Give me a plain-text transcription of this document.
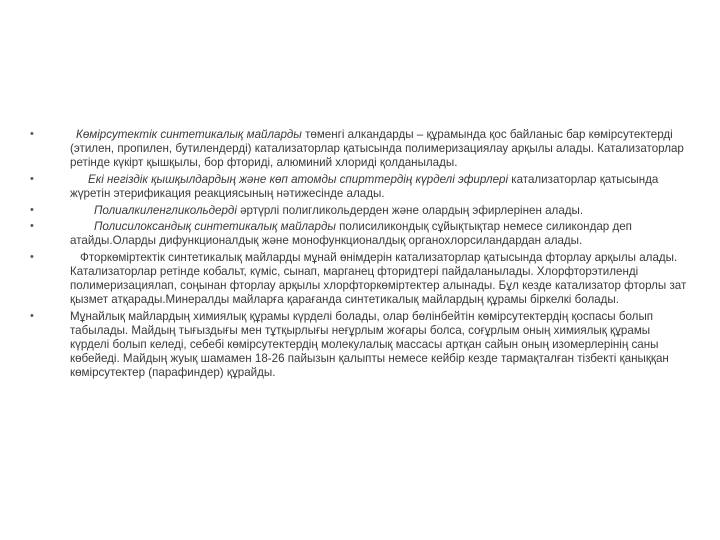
•	Көмірсутектік синтетикалық майларды төменгі алкандарды – құрамында қос байланыс бар көмірсутектерді (этилен, пропилен, бутилендерді) катализаторлар қатысында полимеризациялау арқылы алады. Катализаторлар ретінде күкірт қышқылы, бор фториді, алюминий хлориді қолданылады.
•	Екі негіздік қышқылдардың және көп атомды спирттердің күрделі эфирлері катализаторлар қатысында жүретін этерификация реакциясының нәтижесінде алады.
•	Полиалкиленгликольдерді әртүрлі полигликольдерден және олардың эфирлерінен алады.
•	Полисилоксандық синтетикалық майларды полисиликондық сұйықтықтар немесе силикондар деп атайды.Оларды дифункционалдық және монофункционалдық органохлорсиландардан алады.
•	Фторкөміртектік синтетикалық майларды мұнай өнімдерін катализаторлар қатысында фторлау арқылы алады. Катализаторлар ретінде кобальт, күміс, сынап, марганец фторидтері пайдаланылады. Хлорфторэтиленді полимеризациялап, соңынан фторлау арқылы хлорфторкөміртектер алынады. Бұл кезде катализатор фторлы зат қызмет атқарады.Минералды майларға қарағанда синтетикалық майлардың құрамы біркелкі болады.
•	Мұнайлық майлардың химиялық құрамы күрделі болады, олар бөлінбейтін көмірсутектердің қоспасы болып табылады. Майдың тығыздығы мен тұтқырлығы неғұрлым жоғары болса, соғұрлым оның химиялық құрамы күрделі болып келеді, себебі көмірсутектердің молекулалық массасы артқан сайын оның изомерлерінің саны көбейеді. Майдың жуық шамамен 18-26 пайызын қалыпты немесе кейбір кезде тармақталған тізбекті қаныққан көмірсутектер (парафиндер) құрайды.
